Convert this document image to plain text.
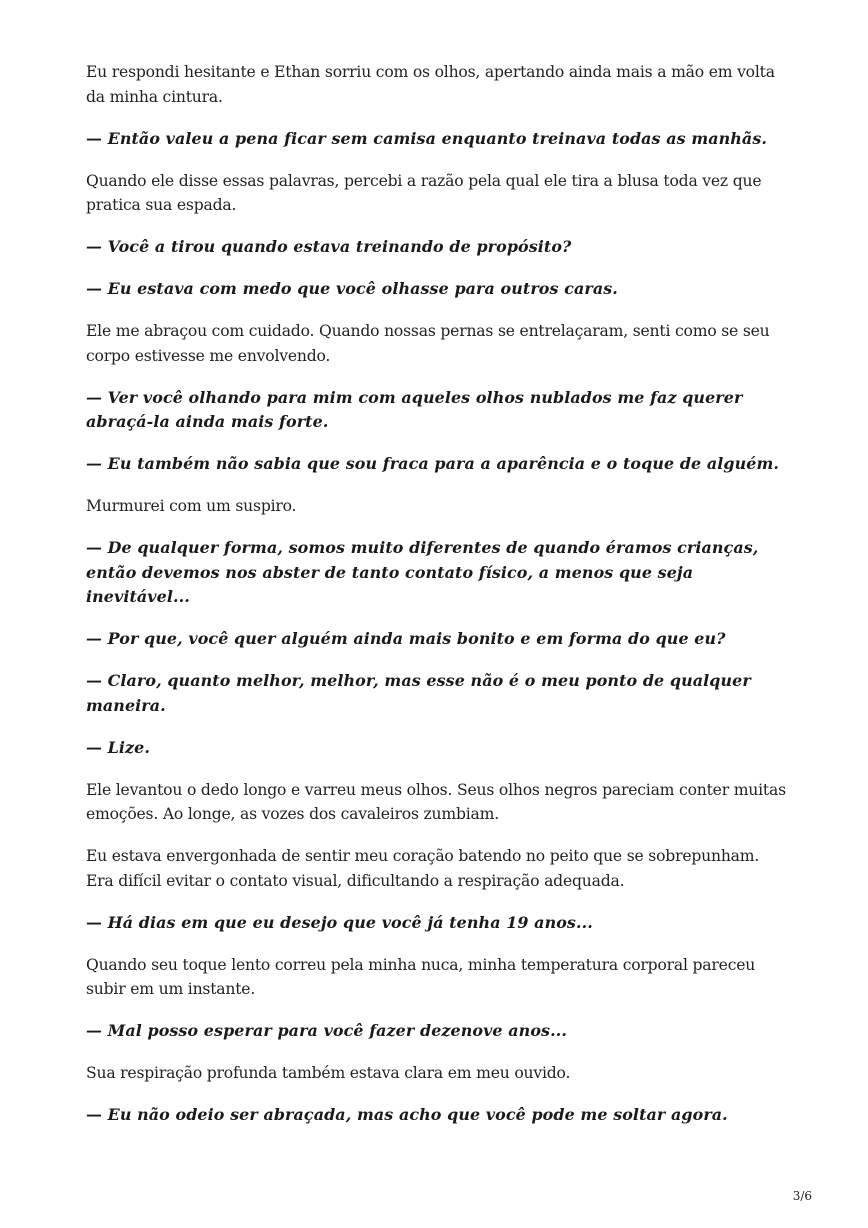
Eu respondi hesitante e Ethan sorriu com os olhos, apertando ainda mais a mão em volta da minha cintura.

— Então valeu a pena ficar sem camisa enquanto treinava todas as manhãs.

Quando ele disse essas palavras, percebi a razão pela qual ele tira a blusa toda vez que pratica sua espada.

— Você a tirou quando estava treinando de propósito?

— Eu estava com medo que você olhasse para outros caras.

Ele me abraçou com cuidado. Quando nossas pernas se entrelaçaram, senti como se seu corpo estivesse me envolvendo.

— Ver você olhando para mim com aqueles olhos nublados me faz querer abraçá-la ainda mais forte.

— Eu também não sabia que sou fraca para a aparência e o toque de alguém.

Murmurei com um suspiro.

— De qualquer forma, somos muito diferentes de quando éramos crianças, então devemos nos abster de tanto contato físico, a menos que seja inevitável...

— Por que, você quer alguém ainda mais bonito e em forma do que eu?

— Claro, quanto melhor, melhor, mas esse não é o meu ponto de qualquer maneira.

— Lize.

Ele levantou o dedo longo e varreu meus olhos. Seus olhos negros pareciam conter muitas emoções. Ao longe, as vozes dos cavaleiros zumbiam.

Eu estava envergonhada de sentir meu coração batendo no peito que se sobrepunham. Era difícil evitar o contato visual, dificultando a respiração adequada.

— Há dias em que eu desejo que você já tenha 19 anos...

Quando seu toque lento correu pela minha nuca, minha temperatura corporal pareceu subir em um instante.

— Mal posso esperar para você fazer dezenove anos...

Sua respiração profunda também estava clara em meu ouvido.

— Eu não odeio ser abraçada, mas acho que você pode me soltar agora.

3/6
